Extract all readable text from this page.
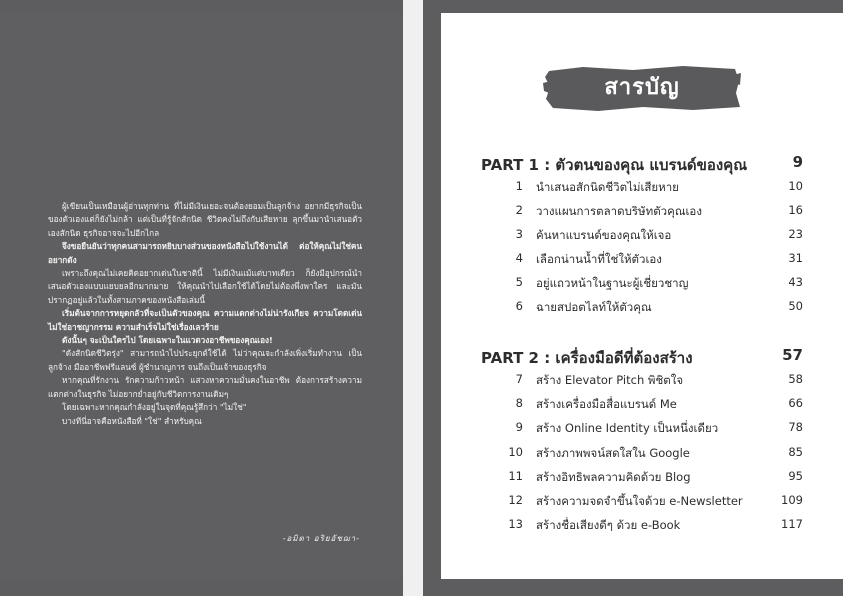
ผู้เขียนเป็นเหมือนผู้อ่านทุกท่าน ที่ไม่มีเงินเยอะจนต้องยอมเป็นลูกจ้าง อยากมีธุรกิจเป็นของตัวเองแต่ก็ยังไม่กล้า แต่เป็นที่รู้จักสักนิด ชีวิตคงไม่ถึงกับเสียหาย ลุกขึ้นมานำเสนอตัวเองสักนิด ธุรกิจอาจจะไปอีกไกล

จึงขอยืนยันว่าทุกคนสามารถหยิบบางส่วนของหนังสือไปใช้งานได้ ต่อให้คุณไม่ใช่คนอยากดัง

เพราะถึงคุณไม่เคยคิดอยากเด่นในชาตินี้ ไม่มีเงินแม้แต่บาทเดียว ก็ยังมีอุปกรณ์นำเสนอตัวเองแบบแยบยลอีกมากมาย ให้คุณนำไปเลือกใช้ได้โดยไม่ต้องพึ่งพาใคร และมันปรากฏอยู่แล้วในทั้งสามภาคของหนังสือเล่มนี้

เริ่มต้นจากการหยุดกลัวที่จะเป็นตัวของคุณ ความแตกต่างไม่น่ารังเกียจ ความโดดเด่นไม่ใช่อาชญากรรม ความสำเร็จไม่ใช่เรื่องเลวร้าย

ดังนั้นๆ จะเป็นใครไป โดยเฉพาะในแวดวงอาชีพของคุณเอง!

"ดังสักนิดชีวิตรุ่ง" สามารถนำไปประยุกต์ใช้ได้ ไม่ว่าคุณจะกำลังเพิ่งเริ่มทำงาน เป็นลูกจ้าง มืออาชีพฟรีแลนซ์ ผู้ชำนาญการ จนถึงเป็นเจ้าของธุรกิจ

หากคุณที่รักงาน รักความก้าวหน้า แสวงหาความมั่นคงในอาชีพ ต้องการสร้างความแตกต่างในธุรกิจ ไม่อยากย่ำอยู่กับชีวิตการงานเดิมๆ

โดยเฉพาะหากคุณกำลังอยู่ในจุดที่คุณรู้สึกว่า "ไม่ใช่"

บางทีนี่อาจคือหนังสือที่ "ใช่" สำหรับคุณ

-อมิตา อริยอัชฌา-
สารบัญ
PART 1 : ตัวตนของคุณ แบรนด์ของคุณ	9
1 นำเสนอสักนิดชีวิตไม่เสียหาย	10
2 วางแผนการตลาดบริษัทตัวคุณเอง	16
3 ค้นหาแบรนด์ของคุณให้เจอ	23
4 เลือกน่านน้ำที่ใช่ให้ตัวเอง	31
5 อยู่แถวหน้าในฐานะผู้เชี่ยวชาญ	43
6 ฉายสปอตไลท์ให้ตัวคุณ	50
PART 2 : เครื่องมือดีที่ต้องสร้าง	57
7 สร้าง Elevator Pitch พิชิตใจ	58
8 สร้างเครื่องมือสื่อแบรนด์ Me	66
9 สร้าง Online Identity เป็นหนึ่งเดียว	78
10 สร้างภาพพจน์สดใสใน Google	85
11 สร้างอิทธิพลความคิดด้วย Blog	95
12 สร้างความจดจำขึ้นใจด้วย e-Newsletter	109
13 สร้างชื่อเสียงดีๆ ด้วย e-Book	117
